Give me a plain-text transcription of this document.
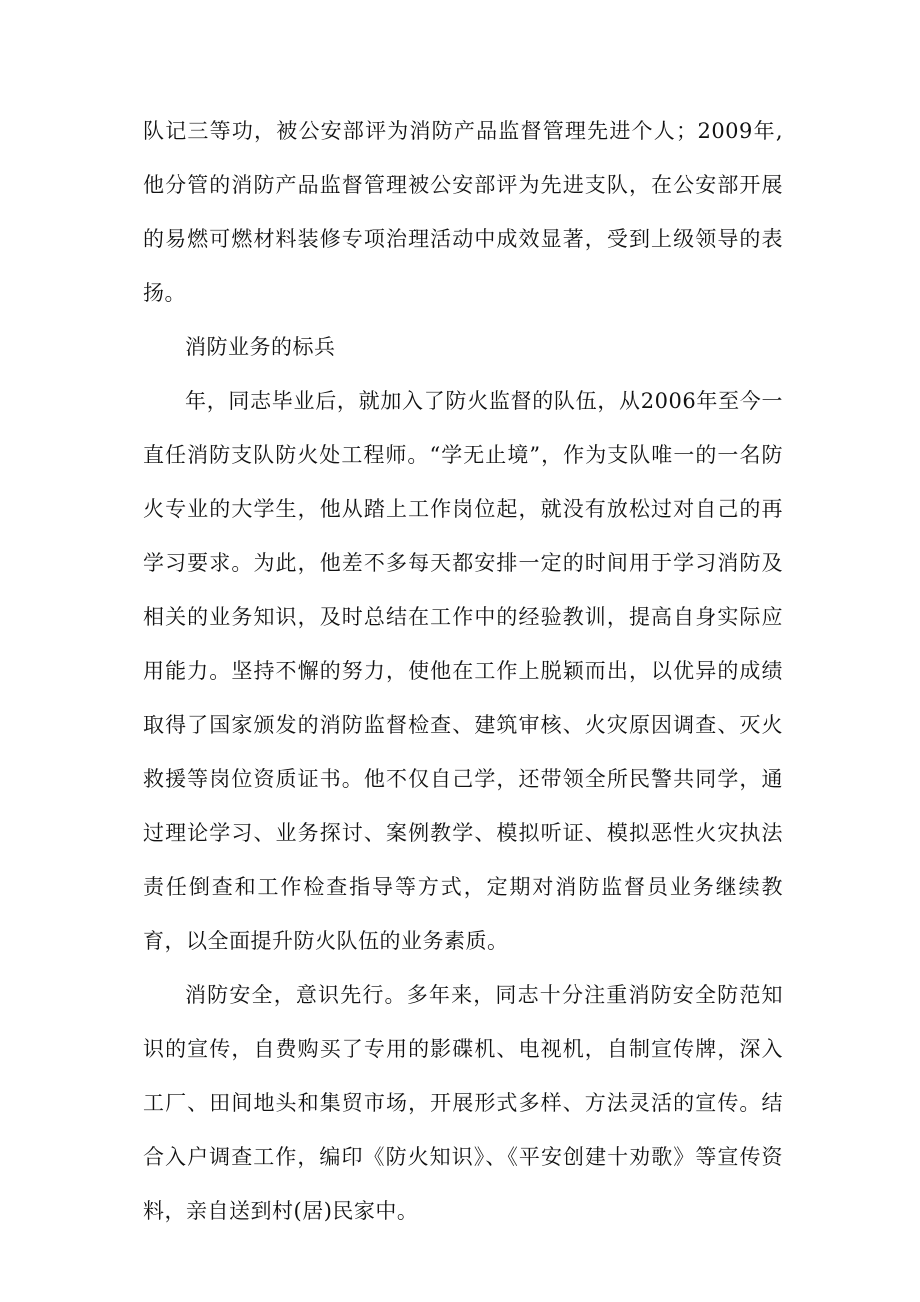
队记三等功，被公安部评为消防产品监督管理先进个人；2009年,他分管的消防产品监督管理被公安部评为先进支队，在公安部开展的易燃可燃材料装修专项治理活动中成效显著，受到上级领导的表扬。

消防业务的标兵

年，同志毕业后，就加入了防火监督的队伍，从2006年至今一直任消防支队防火处工程师。“学无止境”，作为支队唯一的一名防火专业的大学生，他从踏上工作岗位起，就没有放松过对自己的再学习要求。为此，他差不多每天都安排一定的时间用于学习消防及相关的业务知识，及时总结在工作中的经验教训，提高自身实际应用能力。坚持不懈的努力，使他在工作上脱颖而出，以优异的成绩取得了国家颁发的消防监督检查、建筑审核、火灾原因调查、灭火救援等岗位资质证书。他不仅自己学，还带领全所民警共同学，通过理论学习、业务探讨、案例教学、模拟听证、模拟恶性火灾执法责任倒查和工作检查指导等方式，定期对消防监督员业务继续教育，以全面提升防火队伍的业务素质。

消防安全，意识先行。多年来，同志十分注重消防安全防范知识的宣传，自费购买了专用的影碟机、电视机，自制宣传牌，深入工厂、田间地头和集贸市场，开展形式多样、方法灵活的宣传。结合入户调查工作，编印《防火知识》、《平安创建十劝歌》等宣传资料，亲自送到村(居)民家中。
